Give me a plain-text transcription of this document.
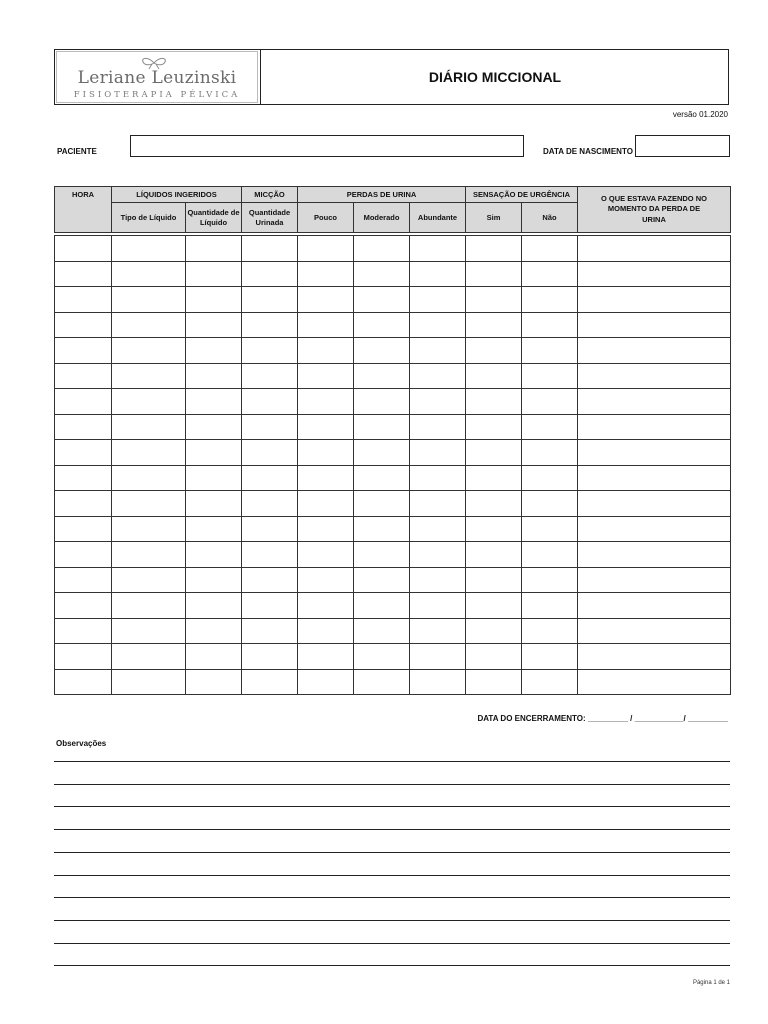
Leriane Leuzinski
FISIOTERAPIA PÉLVICA
DIÁRIO MICCIONAL
versão 01.2020
PACIENTE	DATA DE NASCIMENTO
HORA	LÍQUIDOS INGERIDOS		MICÇÃO	PERDAS DE URINA			SENSAÇÃO DE URGÊNCIA		O QUE ESTAVA FAZENDO NO MOMENTO DA PERDA DE URINA
	Tipo de Líquido	Quantidade de Líquido	Quantidade Urinada	Pouco	Moderado	Abundante	Sim	Não	

DATA DO ENCERRAMENTO: _________ / ___________/ _________
Observações
Página 1 de 1
